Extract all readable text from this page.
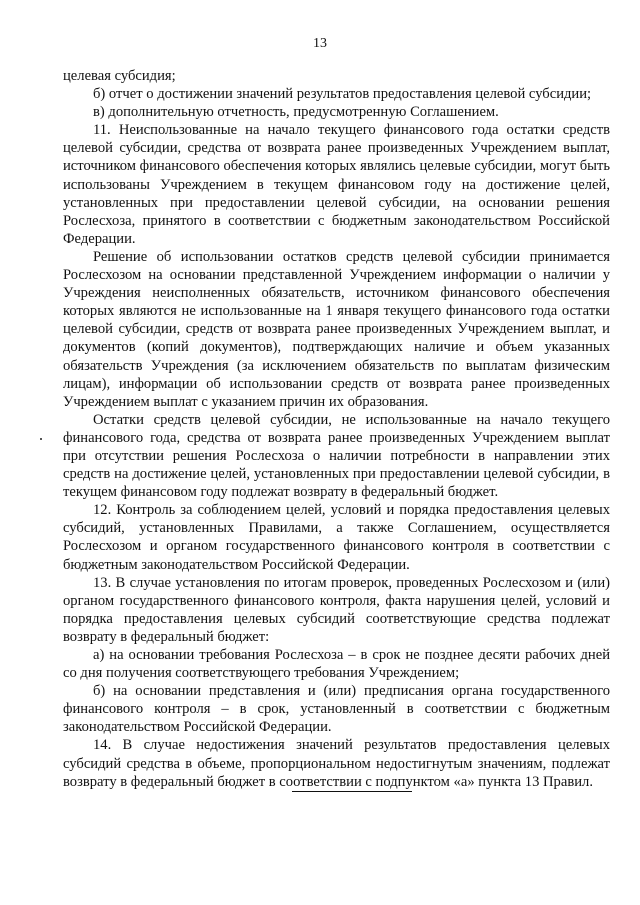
13

целевая субсидия;

б) отчет о достижении значений результатов предоставления целевой субсидии;

в) дополнительную отчетность, предусмотренную Соглашением.

11. Неиспользованные на начало текущего финансового года остатки средств целевой субсидии, средства от возврата ранее произведенных Учреждением выплат, источником финансового обеспечения которых являлись целевые субсидии, могут быть использованы Учреждением в текущем финансовом году на достижение целей, установленных при предоставлении целевой субсидии, на основании решения Рослесхоза, принятого в соответствии с бюджетным законодательством Российской Федерации.

Решение об использовании остатков средств целевой субсидии принимается Рослесхозом на основании представленной Учреждением информации о наличии у Учреждения неисполненных обязательств, источником финансового обеспечения которых являются не использованные на 1 января текущего финансового года остатки целевой субсидии, средств от возврата ранее произведенных Учреждением выплат, и документов (копий документов), подтверждающих наличие и объем указанных обязательств Учреждения (за исключением обязательств по выплатам физическим лицам), информации об использовании средств от возврата ранее произведенных Учреждением выплат с указанием причин их образования.

Остатки средств целевой субсидии, не использованные на начало текущего финансового года, средства от возврата ранее произведенных Учреждением выплат при отсутствии решения Рослесхоза о наличии потребности в направлении этих средств на достижение целей, установленных при предоставлении целевой субсидии, в текущем финансовом году подлежат возврату в федеральный бюджет.

12. Контроль за соблюдением целей, условий и порядка предоставления целевых субсидий, установленных Правилами, а также Соглашением, осуществляется Рослесхозом и органом государственного финансового контроля в соответствии с бюджетным законодательством Российской Федерации.

13. В случае установления по итогам проверок, проведенных Рослесхозом и (или) органом государственного финансового контроля, факта нарушения целей, условий и порядка предоставления целевых субсидий соответствующие средства подлежат возврату в федеральный бюджет:

а) на основании требования Рослесхоза – в срок не позднее десяти рабочих дней со дня получения соответствующего требования Учреждением;

б) на основании представления и (или) предписания органа государственного финансового контроля – в срок, установленный в соответствии с бюджетным законодательством Российской Федерации.

14. В случае недостижения значений результатов предоставления целевых субсидий средства в объеме, пропорциональном недостигнутым значениям, подлежат возврату в федеральный бюджет в соответствии с подпунктом «а» пункта 13 Правил.
